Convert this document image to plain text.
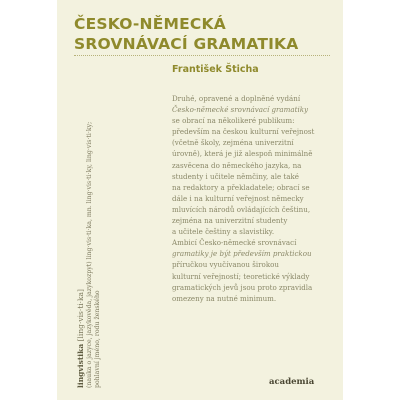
ČESKO-NĚMECKÁ
SROVNÁVACÍ GRAMATIKA
František Šticha

Druhé, opravené a doplněné vydání
Česko-německé srovnávací gramatiky
se obrací na několikeré publikum:
především na českou kulturní veřejnost
(včetně školy, zejména univerzitní
úrovně), která je již alespoň minimálně
zasvěcena do německého jazyka, na
studenty i učitele němčiny, ale také
na redaktory a překladatele; obrací se
dále i na kulturní veřejnost německy
mluvících národů ovládajících češtinu,
zejména na univerzitní studenty
a učitele češtiny a slavistiky.
Ambicí Česko-německé srovnávací
gramatiky je být především praktickou
příručkou vyučívanou širokou
kulturní veřejností; teoretické výklady
gramatických jevů jsou proto zpravidla
omezeny na nutné minimum.

lingvistika [ling·vis·ti·ka] (nauka o jazyce, jazykověda, jazykozpyt) ling·vis·ti·ka, mn. ling·vis·ti·ky, ling·vis·ti·ky; pohlavní jméno, rodu ženského	academia
